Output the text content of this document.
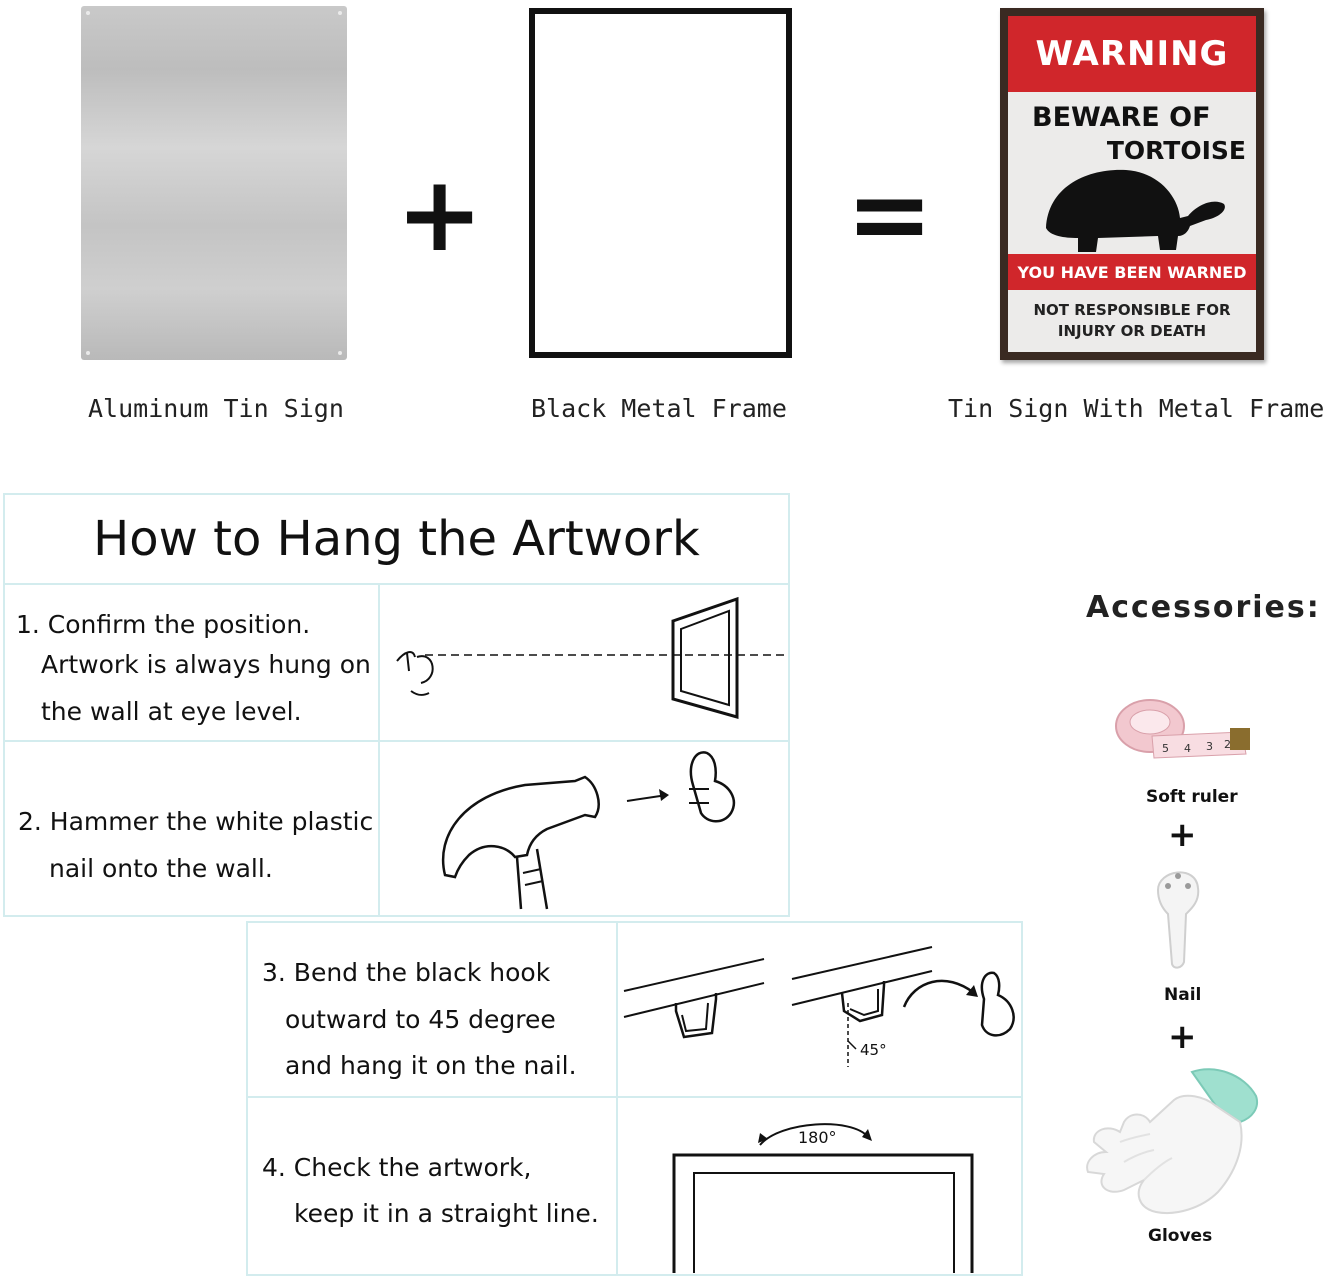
+	=
WARNING
BEWARE OF
TORTOISE
YOU HAVE BEEN WARNED
NOT RESPONSIBLE FOR
INJURY OR DEATH
Aluminum Tin Sign	Black Metal Frame	Tin Sign With Metal Frame
How to Hang the Artwork
1. Confirm the position.
Artwork is always hung on
the wall at eye level.
2. Hammer the white plastic
nail onto the wall.
3. Bend the black hook
outward to 45 degree
and hang it on the nail.
45°
4. Check the artwork,
keep it in a straight line.
180°
Accessories:
5 4 3 2
Soft ruler
+
Nail
+
Gloves
